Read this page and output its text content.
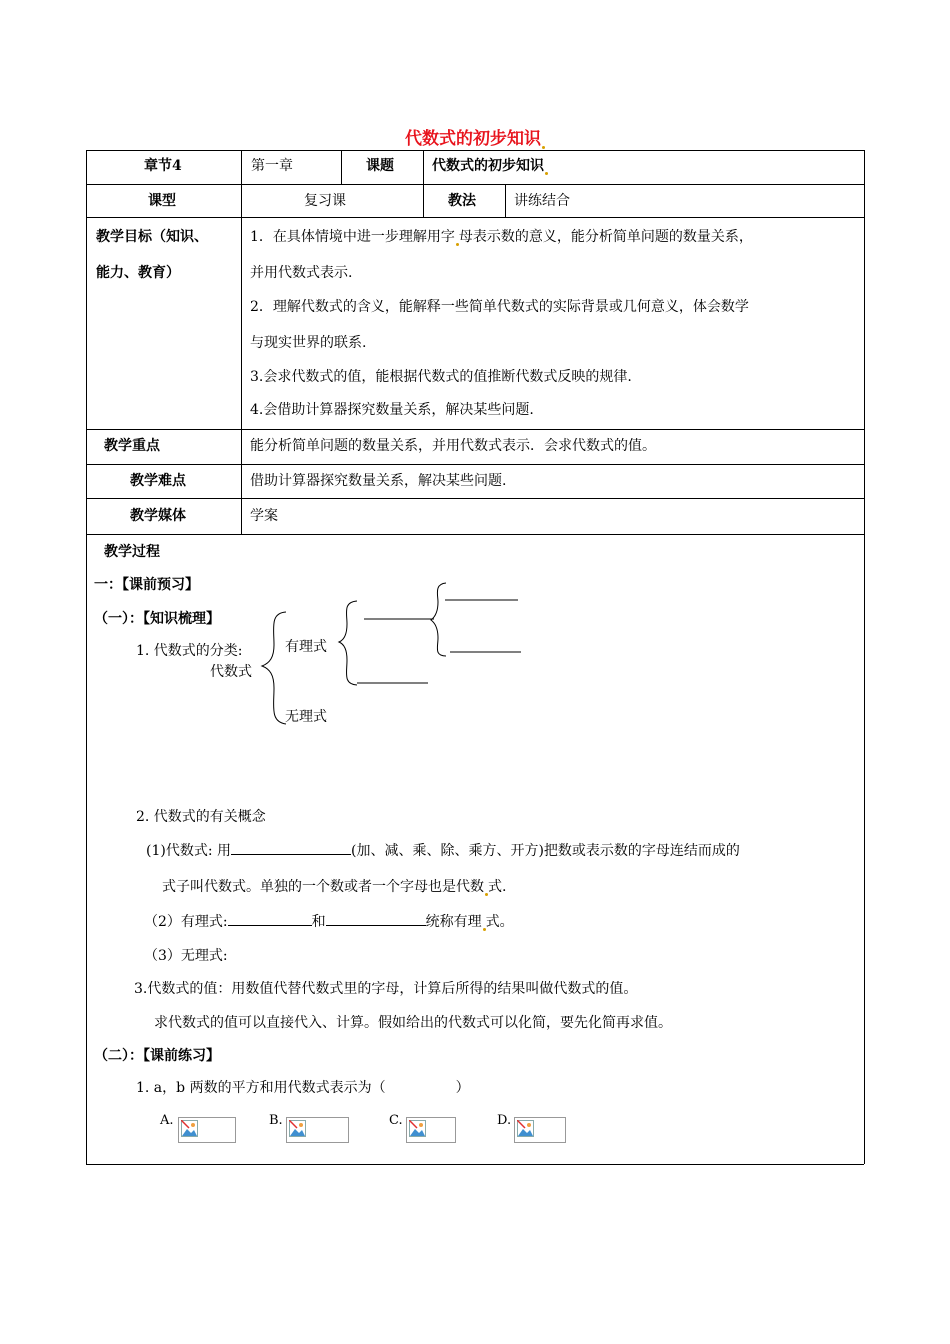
代数式的初步知识
章节4	第一章	课题	代数式的初步知识
课型	复习课	教法	讲练结合
教学目标（知识、
能力、教育）
1．在具体情境中进一步理解用字 母表示数的意义，能分析简单问题的数量关系，
并用代数式表示.
2．理解代数式的含义，能解释一些简单代数式的实际背景或几何意义，体会数学
与现实世界的联系.
3.会求代数式的值，能根据代数式的值推断代数式反映的规律.
4.会借助计算器探究数量关系，解决某些问题.
教学重点	能分析简单问题的数量关系，并用代数式表示．会求代数式的值。
教学难点	借助计算器探究数量关系，解决某些问题.
教学媒体	学案
教学过程
一：【课前预习】
（一）：【知识梳理】
1. 代数式的分类:
代数式
有理式
无理式
2. 代数式的有关概念
(1)代数式: 用	(加、减、乘、除、乘方、开方)把数或表示数的字母连结而成的
式子叫代数式。单独的一个数或者一个字母也是代数 式.
（2）有理式:	和	统称有理 式。
（3）无理式:
3.代数式的值：用数值代替代数式里的字母，计算后所得的结果叫做代数式的值。
求代数式的值可以直接代入、计算。假如给出的代数式可以化简，要先化简再求值。
（二）：【课前练习】
1. a，b 两数的平方和用代数式表示为（	）
A.	B.	C.	D.
